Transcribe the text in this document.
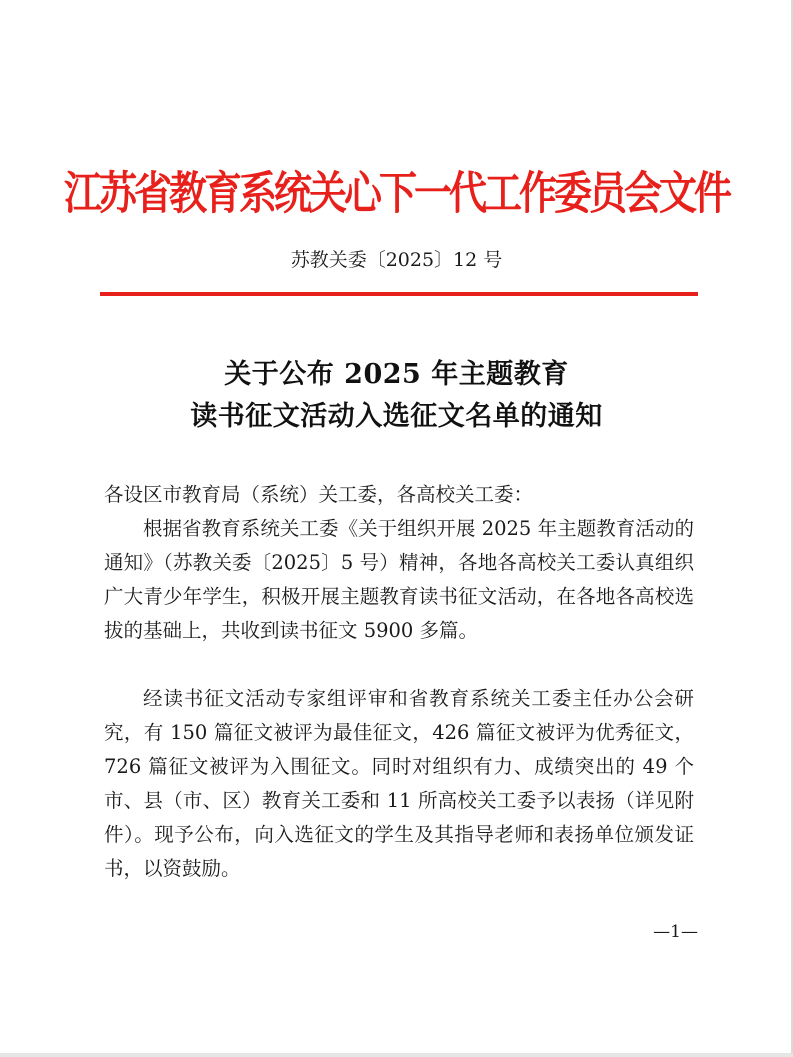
江苏省教育系统关心下一代工作委员会文件
苏教关委〔2025〕12 号
关于公布 2025 年主题教育
读书征文活动入选征文名单的通知
各设区市教育局（系统）关工委，各高校关工委：
根据省教育系统关工委《关于组织开展 2025 年主题教育活动的通知》（苏教关委〔2025〕5 号）精神，各地各高校关工委认真组织广大青少年学生，积极开展主题教育读书征文活动，在各地各高校选拔的基础上，共收到读书征文 5900 多篇。
经读书征文活动专家组评审和省教育系统关工委主任办公会研究，有 150 篇征文被评为最佳征文，426 篇征文被评为优秀征文，726 篇征文被评为入围征文。同时对组织有力、成绩突出的 49 个市、县（市、区）教育关工委和 11 所高校关工委予以表扬（详见附件）。现予公布，向入选征文的学生及其指导老师和表扬单位颁发证书，以资鼓励。
—1—
